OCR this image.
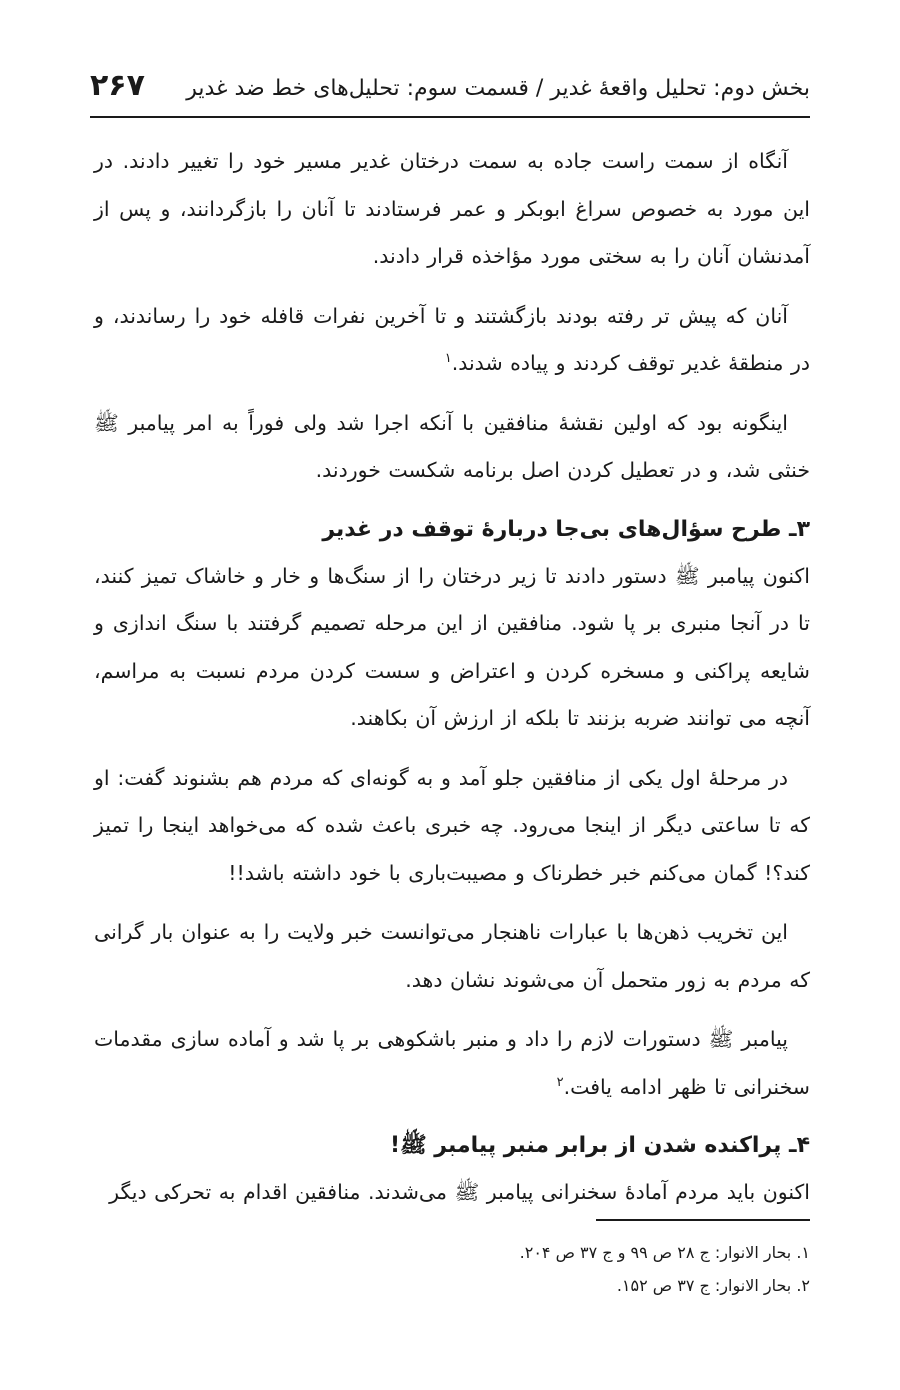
بخش دوم: تحلیل واقعهٔ غدیر / قسمت سوم: تحلیل‌های خط ضد غدیر
۲۶۷

آنگاه از سمت راست جاده به سمت درختان غدیر مسیر خود را تغییر دادند. در این مورد به خصوص سراغ ابوبکر و عمر فرستادند تا آنان را بازگردانند، و پس از آمدنشان آنان را به سختی مورد مؤاخذه قرار دادند.

آنان که پیش تر رفته بودند بازگشتند و تا آخرین نفرات قافله خود را رساندند، و در منطقهٔ غدیر توقف کردند و پیاده شدند.$^۱$

اینگونه بود که اولین نقشهٔ منافقین با آنکه اجرا شد ولی فوراً به امر پیامبر ﷺ خنثی شد، و در تعطیل کردن اصل برنامه شکست خوردند.

۳ـ طرح سؤال‌های بی‌جا دربارهٔ توقف در غدیر

اکنون پیامبر ﷺ دستور دادند تا زیر درختان را از سنگ‌ها و خار و خاشاک تمیز کنند، تا در آنجا منبری بر پا شود. منافقین از این مرحله تصمیم گرفتند با سنگ اندازی و شایعه پراکنی و مسخره کردن و اعتراض و سست کردن مردم نسبت به مراسم، آنچه می توانند ضربه بزنند تا بلکه از ارزش آن بکاهند.

در مرحلهٔ اول یکی از منافقین جلو آمد و به گونه‌ای که مردم هم بشنوند گفت: او که تا ساعتی دیگر از اینجا می‌رود. چه خبری باعث شده که می‌خواهد اینجا را تمیز کند؟! گمان می‌کنم خبر خطرناک و مصیبت‌باری با خود داشته باشد!!

این تخریب ذهن‌ها با عبارات ناهنجار می‌توانست خبر ولایت را به عنوان بار گرانی که مردم به زور متحمل آن می‌شوند نشان دهد.

پیامبر ﷺ دستورات لازم را داد و منبر باشکوهی بر پا شد و آماده سازی مقدمات سخنرانی تا ظهر ادامه یافت.$^۲$

۴ـ پراکنده شدن از برابر منبر پیامبر ﷺ!

اکنون باید مردم آمادهٔ سخنرانی پیامبر ﷺ می‌شدند. منافقین اقدام به تحرکی دیگر

۱. بحار الانوار: ج ۲۸ ص ۹۹ و ج ۳۷ ص ۲۰۴.
۲. بحار الانوار: ج ۳۷ ص ۱۵۲.
